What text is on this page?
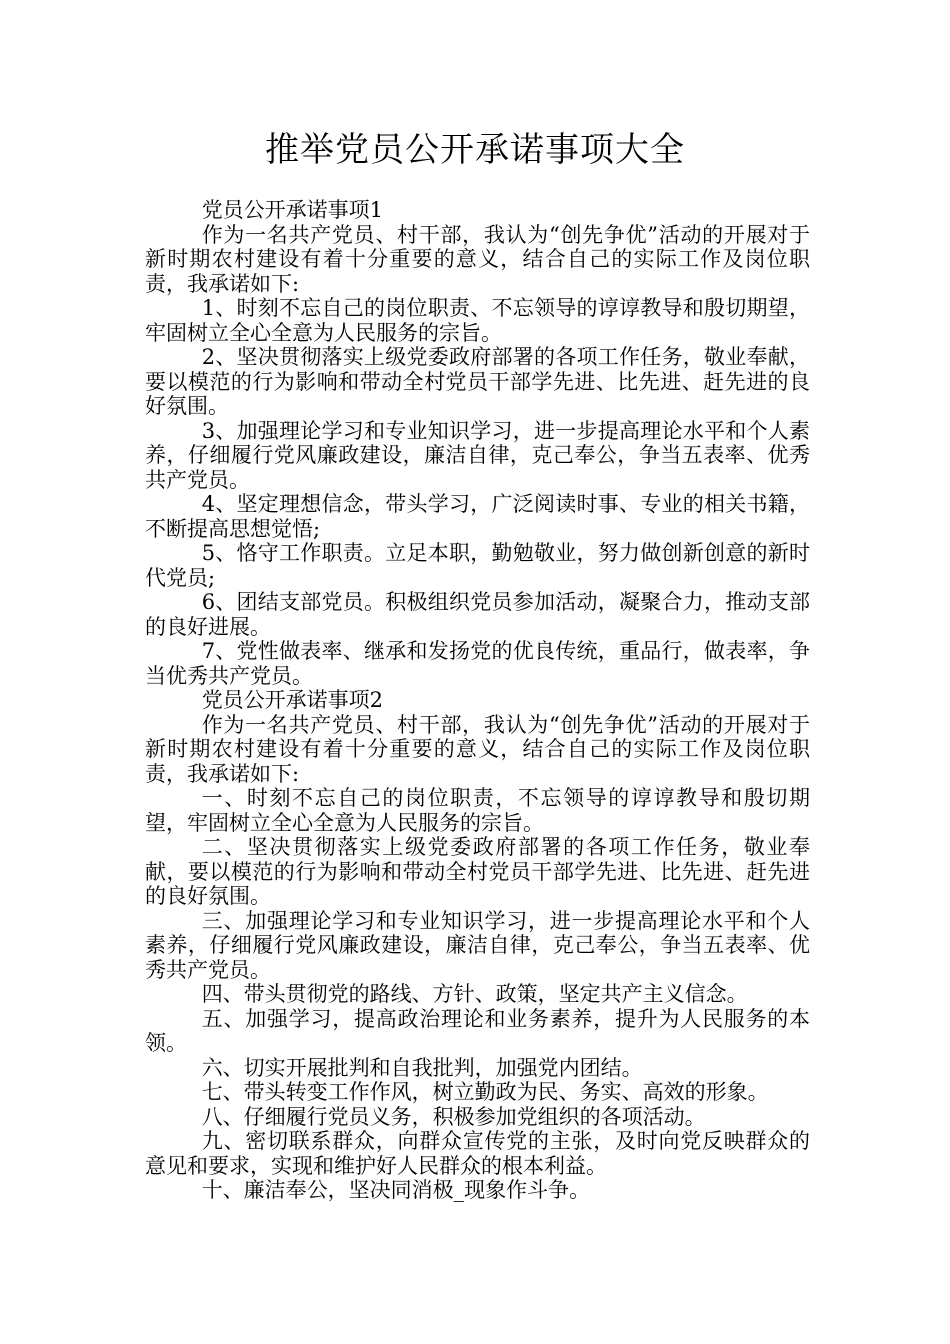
推举党员公开承诺事项大全

党员公开承诺事项1

作为一名共产党员、村干部，我认为“创先争优”活动的开展对于新时期农村建设有着十分重要的意义，结合自己的实际工作及岗位职责，我承诺如下:

1、时刻不忘自己的岗位职责、不忘领导的谆谆教导和殷切期望，牢固树立全心全意为人民服务的宗旨。

2、坚决贯彻落实上级党委政府部署的各项工作任务，敬业奉献，要以模范的行为影响和带动全村党员干部学先进、比先进、赶先进的良好氛围。

3、加强理论学习和专业知识学习，进一步提高理论水平和个人素养，仔细履行党风廉政建设，廉洁自律，克己奉公，争当五表率、优秀共产党员。

4、坚定理想信念，带头学习，广泛阅读时事、专业的相关书籍，不断提高思想觉悟;

5、恪守工作职责。立足本职，勤勉敬业，努力做创新创意的新时代党员;

6、团结支部党员。积极组织党员参加活动，凝聚合力，推动支部的良好进展。

7、党性做表率、继承和发扬党的优良传统，重品行，做表率，争当优秀共产党员。

党员公开承诺事项2

作为一名共产党员、村干部，我认为“创先争优”活动的开展对于新时期农村建设有着十分重要的意义，结合自己的实际工作及岗位职责，我承诺如下:

一、时刻不忘自己的岗位职责，不忘领导的谆谆教导和殷切期望，牢固树立全心全意为人民服务的宗旨。

二、坚决贯彻落实上级党委政府部署的各项工作任务，敬业奉献，要以模范的行为影响和带动全村党员干部学先进、比先进、赶先进的良好氛围。

三、加强理论学习和专业知识学习，进一步提高理论水平和个人素养，仔细履行党风廉政建设，廉洁自律，克己奉公，争当五表率、优秀共产党员。

四、带头贯彻党的路线、方针、政策，坚定共产主义信念。

五、加强学习，提高政治理论和业务素养，提升为人民服务的本领。

六、切实开展批判和自我批判，加强党内团结。

七、带头转变工作作风，树立勤政为民、务实、高效的形象。

八、仔细履行党员义务，积极参加党组织的各项活动。

九、密切联系群众，向群众宣传党的主张，及时向党反映群众的意见和要求，实现和维护好人民群众的根本利益。

十、廉洁奉公，坚决同消极_现象作斗争。
